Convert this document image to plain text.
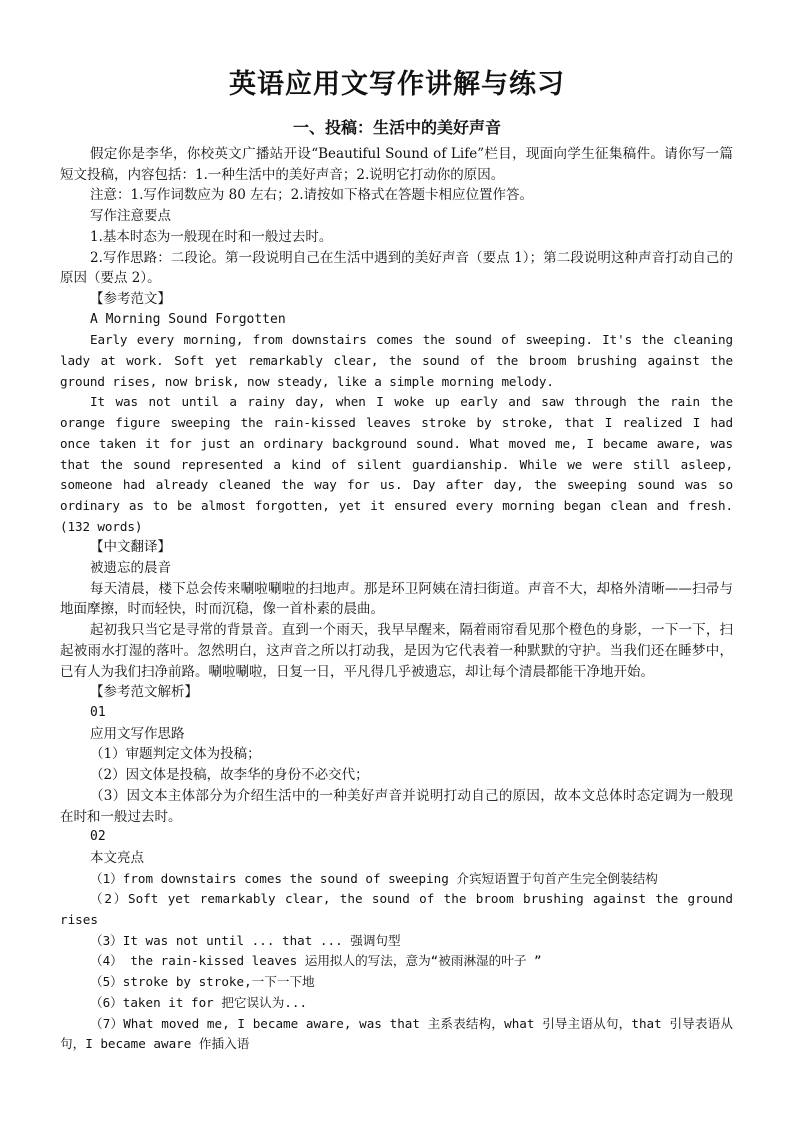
英语应用文写作讲解与练习
一、投稿：生活中的美好声音

假定你是李华，你校英文广播站开设“Beautiful Sound of Life”栏目，现面向学生征集稿件。请你写一篇短文投稿，内容包括：1.一种生活中的美好声音；2.说明它打动你的原因。

注意：1.写作词数应为 80 左右；2.请按如下格式在答题卡相应位置作答。

写作注意要点

1.基本时态为一般现在时和一般过去时。

2.写作思路：二段论。第一段说明自己在生活中遇到的美好声音（要点 1）；第二段说明这种声音打动自己的原因（要点 2）。

【参考范文】

A Morning Sound Forgotten

Early every morning, from downstairs comes the sound of sweeping. It's the cleaning lady at work. Soft yet remarkably clear, the sound of the broom brushing against the ground rises, now brisk, now steady, like a simple morning melody.

It was not until a rainy day, when I woke up early and saw through the rain the orange figure sweeping the rain-kissed leaves stroke by stroke, that I realized I had once taken it for just an ordinary background sound. What moved me, I became aware, was that the sound represented a kind of silent guardianship. While we were still asleep, someone had already cleaned the way for us. Day after day, the sweeping sound was so ordinary as to be almost forgotten, yet it ensured every morning began clean and fresh. (132 words)

【中文翻译】

被遗忘的晨音

每天清晨，楼下总会传来唰啦唰啦的扫地声。那是环卫阿姨在清扫街道。声音不大，却格外清晰——扫帚与地面摩擦，时而轻快，时而沉稳，像一首朴素的晨曲。

起初我只当它是寻常的背景音。直到一个雨天，我早早醒来，隔着雨帘看见那个橙色的身影，一下一下，扫起被雨水打湿的落叶。忽然明白，这声音之所以打动我，是因为它代表着一种默默的守护。当我们还在睡梦中，已有人为我们扫净前路。唰啦唰啦，日复一日，平凡得几乎被遗忘，却让每个清晨都能干净地开始。

【参考范文解析】

01

应用文写作思路

（1）审题判定文体为投稿；

（2）因文体是投稿，故李华的身份不必交代；

（3）因文本主体部分为介绍生活中的一种美好声音并说明打动自己的原因，故本文总体时态定调为一般现在时和一般过去时。

02

本文亮点

（1）from downstairs comes the sound of sweeping 介宾短语置于句首产生完全倒装结构

（2）Soft yet remarkably clear, the sound of the broom brushing against the ground rises

（3）It was not until ... that ... 强调句型

（4） the rain-kissed leaves 运用拟人的写法，意为“被雨淋湿的叶子 ”

（5）stroke by stroke,一下一下地

（6）taken it for 把它误认为...

（7）What moved me, I became aware, was that 主系表结构，what 引导主语从句，that 引导表语从句，I became aware 作插入语
